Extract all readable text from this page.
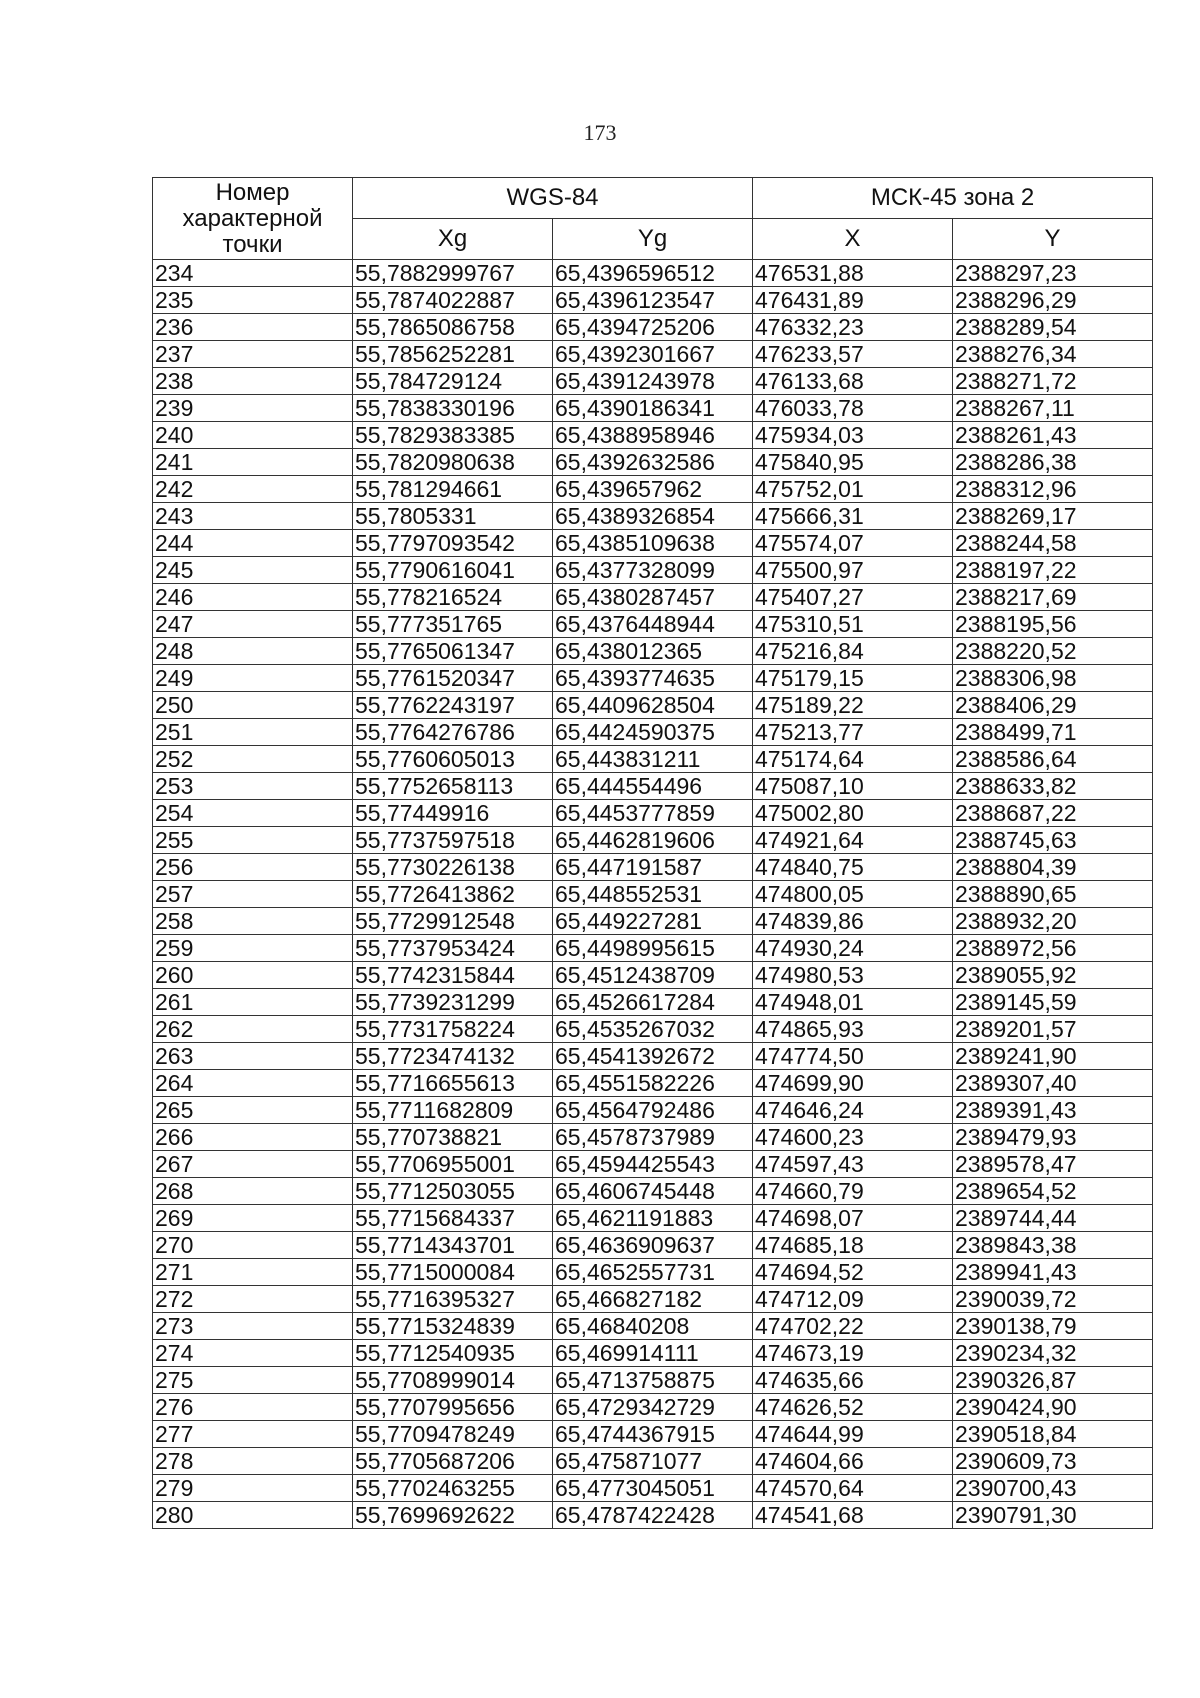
173
Номер характерной точки	WGS-84		МСК-45 зона 2	
	Xg	Yg	X	Y
234	55,7882999767	65,4396596512	476531,88	2388297,23
235	55,7874022887	65,4396123547	476431,89	2388296,29
236	55,7865086758	65,4394725206	476332,23	2388289,54
237	55,7856252281	65,4392301667	476233,57	2388276,34
238	55,784729124	65,4391243978	476133,68	2388271,72
239	55,7838330196	65,4390186341	476033,78	2388267,11
240	55,7829383385	65,4388958946	475934,03	2388261,43
241	55,7820980638	65,4392632586	475840,95	2388286,38
242	55,781294661	65,439657962	475752,01	2388312,96
243	55,7805331	65,4389326854	475666,31	2388269,17
244	55,7797093542	65,4385109638	475574,07	2388244,58
245	55,7790616041	65,4377328099	475500,97	2388197,22
246	55,778216524	65,4380287457	475407,27	2388217,69
247	55,777351765	65,4376448944	475310,51	2388195,56
248	55,7765061347	65,438012365	475216,84	2388220,52
249	55,7761520347	65,4393774635	475179,15	2388306,98
250	55,7762243197	65,4409628504	475189,22	2388406,29
251	55,7764276786	65,4424590375	475213,77	2388499,71
252	55,7760605013	65,443831211	475174,64	2388586,64
253	55,7752658113	65,444554496	475087,10	2388633,82
254	55,77449916	65,4453777859	475002,80	2388687,22
255	55,7737597518	65,4462819606	474921,64	2388745,63
256	55,7730226138	65,447191587	474840,75	2388804,39
257	55,7726413862	65,448552531	474800,05	2388890,65
258	55,7729912548	65,449227281	474839,86	2388932,20
259	55,7737953424	65,4498995615	474930,24	2388972,56
260	55,7742315844	65,4512438709	474980,53	2389055,92
261	55,7739231299	65,4526617284	474948,01	2389145,59
262	55,7731758224	65,4535267032	474865,93	2389201,57
263	55,7723474132	65,4541392672	474774,50	2389241,90
264	55,7716655613	65,4551582226	474699,90	2389307,40
265	55,7711682809	65,4564792486	474646,24	2389391,43
266	55,770738821	65,4578737989	474600,23	2389479,93
267	55,7706955001	65,4594425543	474597,43	2389578,47
268	55,7712503055	65,4606745448	474660,79	2389654,52
269	55,7715684337	65,4621191883	474698,07	2389744,44
270	55,7714343701	65,4636909637	474685,18	2389843,38
271	55,7715000084	65,4652557731	474694,52	2389941,43
272	55,7716395327	65,466827182	474712,09	2390039,72
273	55,7715324839	65,46840208	474702,22	2390138,79
274	55,7712540935	65,469914111	474673,19	2390234,32
275	55,7708999014	65,4713758875	474635,66	2390326,87
276	55,7707995656	65,4729342729	474626,52	2390424,90
277	55,7709478249	65,4744367915	474644,99	2390518,84
278	55,7705687206	65,475871077	474604,66	2390609,73
279	55,7702463255	65,4773045051	474570,64	2390700,43
280	55,7699692622	65,4787422428	474541,68	2390791,30
